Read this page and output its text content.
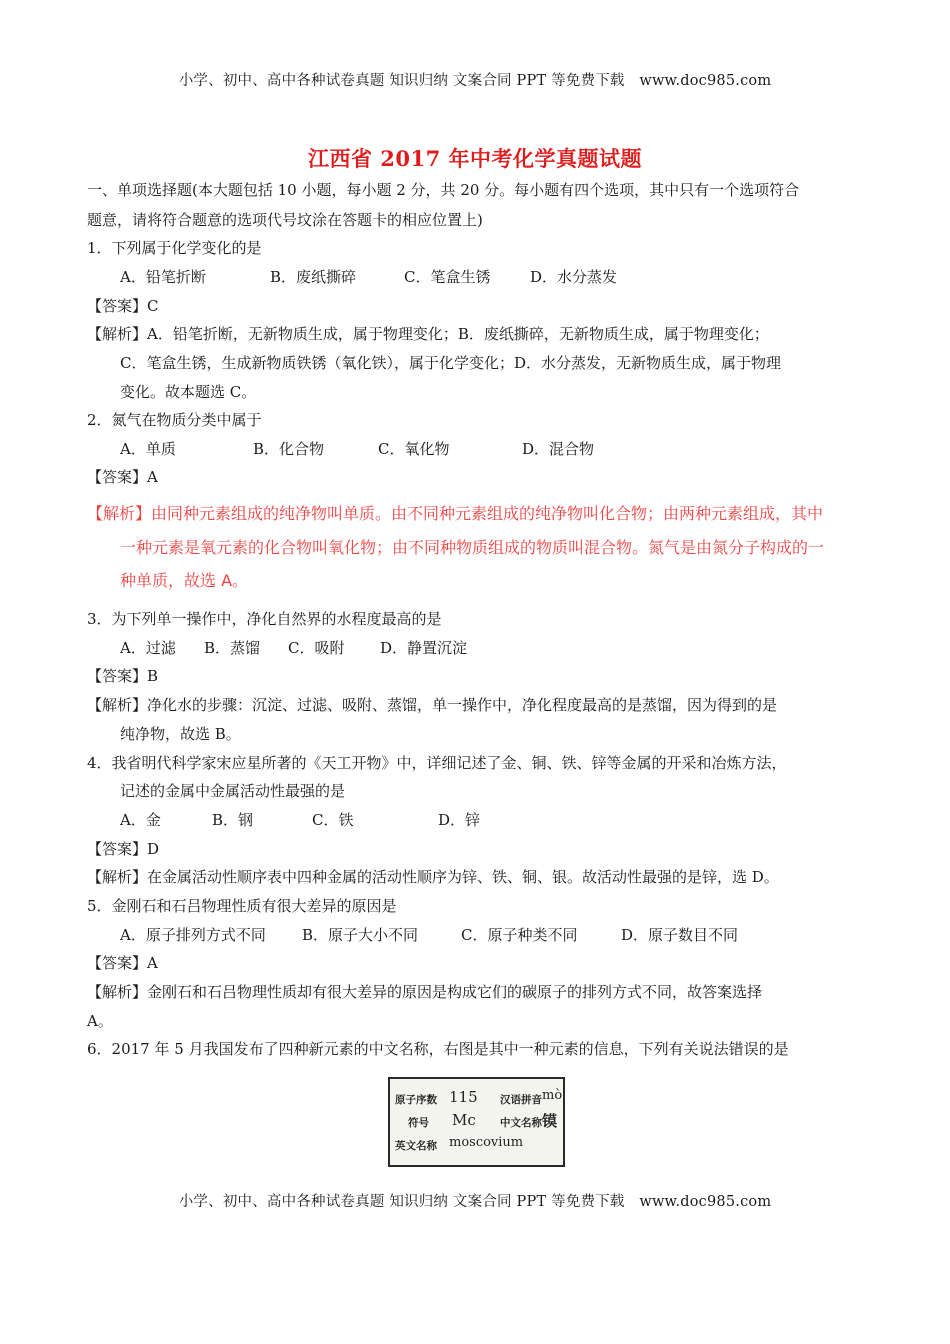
小学、初中、高中各种试卷真题 知识归纳 文案合同 PPT 等免费下载　www.doc985.com
江西省 2017 年中考化学真题试题
一、单项选择题(本大题包括 10 小题，每小题 2 分，共 20 分。每小题有四个选项，其中只有一个选项符合
题意，请将符合题意的选项代号坟涂在答题卡的相应位置上)
1．下列属于化学变化的是
A．铅笔折断	B．废纸撕碎	C．笔盒生锈	D．水分蒸发
【答案】C
【解析】A．铅笔折断，无新物质生成，属于物理变化；B．废纸撕碎，无新物质生成，属于物理变化；
C．笔盒生锈，生成新物质铁锈（氧化铁），属于化学变化；D．水分蒸发，无新物质生成，属于物理
变化。故本题选 C。
2．氮气在物质分类中属于
A．单质	B．化合物	C．氧化物	D．混合物
【答案】A
【解析】由同种元素组成的纯净物叫单质。由不同种元素组成的纯净物叫化合物；由两种元素组成，其中
一种元素是氧元素的化合物叫氧化物；由不同种物质组成的物质叫混合物。氮气是由氮分子构成的一
种单质，故选 A。
3．为下列单一操作中，净化自然界的水程度最高的是
A．过滤 B．蒸馏 C．吸附 D．静置沉淀
【答案】B
【解析】净化水的步骤：沉淀、过滤、吸附、蒸馏，单一操作中，净化程度最高的是蒸馏，因为得到的是
纯净物，故选 B。
4．我省明代科学家宋应星所著的《天工开物》中，详细记述了金、铜、铁、锌等金属的开采和冶炼方法，
记述的金属中金属活动性最强的是
A．金	B．钢	C．铁	D．锌
【答案】D
【解析】在金属活动性顺序表中四种金属的活动性顺序为锌、铁、铜、银。故活动性最强的是锌，选 D。
5．金刚石和石吕物理性质有很大差异的原因是
A．原子排列方式不同 B．原子大小不同	C．原子种类不同	D．原子数目不同
【答案】A
【解析】金刚石和石吕物理性质却有很大差异的原因是构成它们的碳原子的排列方式不同，故答案选择
A。
6．2017 年 5 月我国发布了四种新元素的中文名称，右图是其中一种元素的信息，下列有关说法错误的是
原子序数 115 汉语拼音 mò
符号 Mc 中文名称 镆
英文名称 moscovium
小学、初中、高中各种试卷真题 知识归纳 文案合同 PPT 等免费下载　www.doc985.com
